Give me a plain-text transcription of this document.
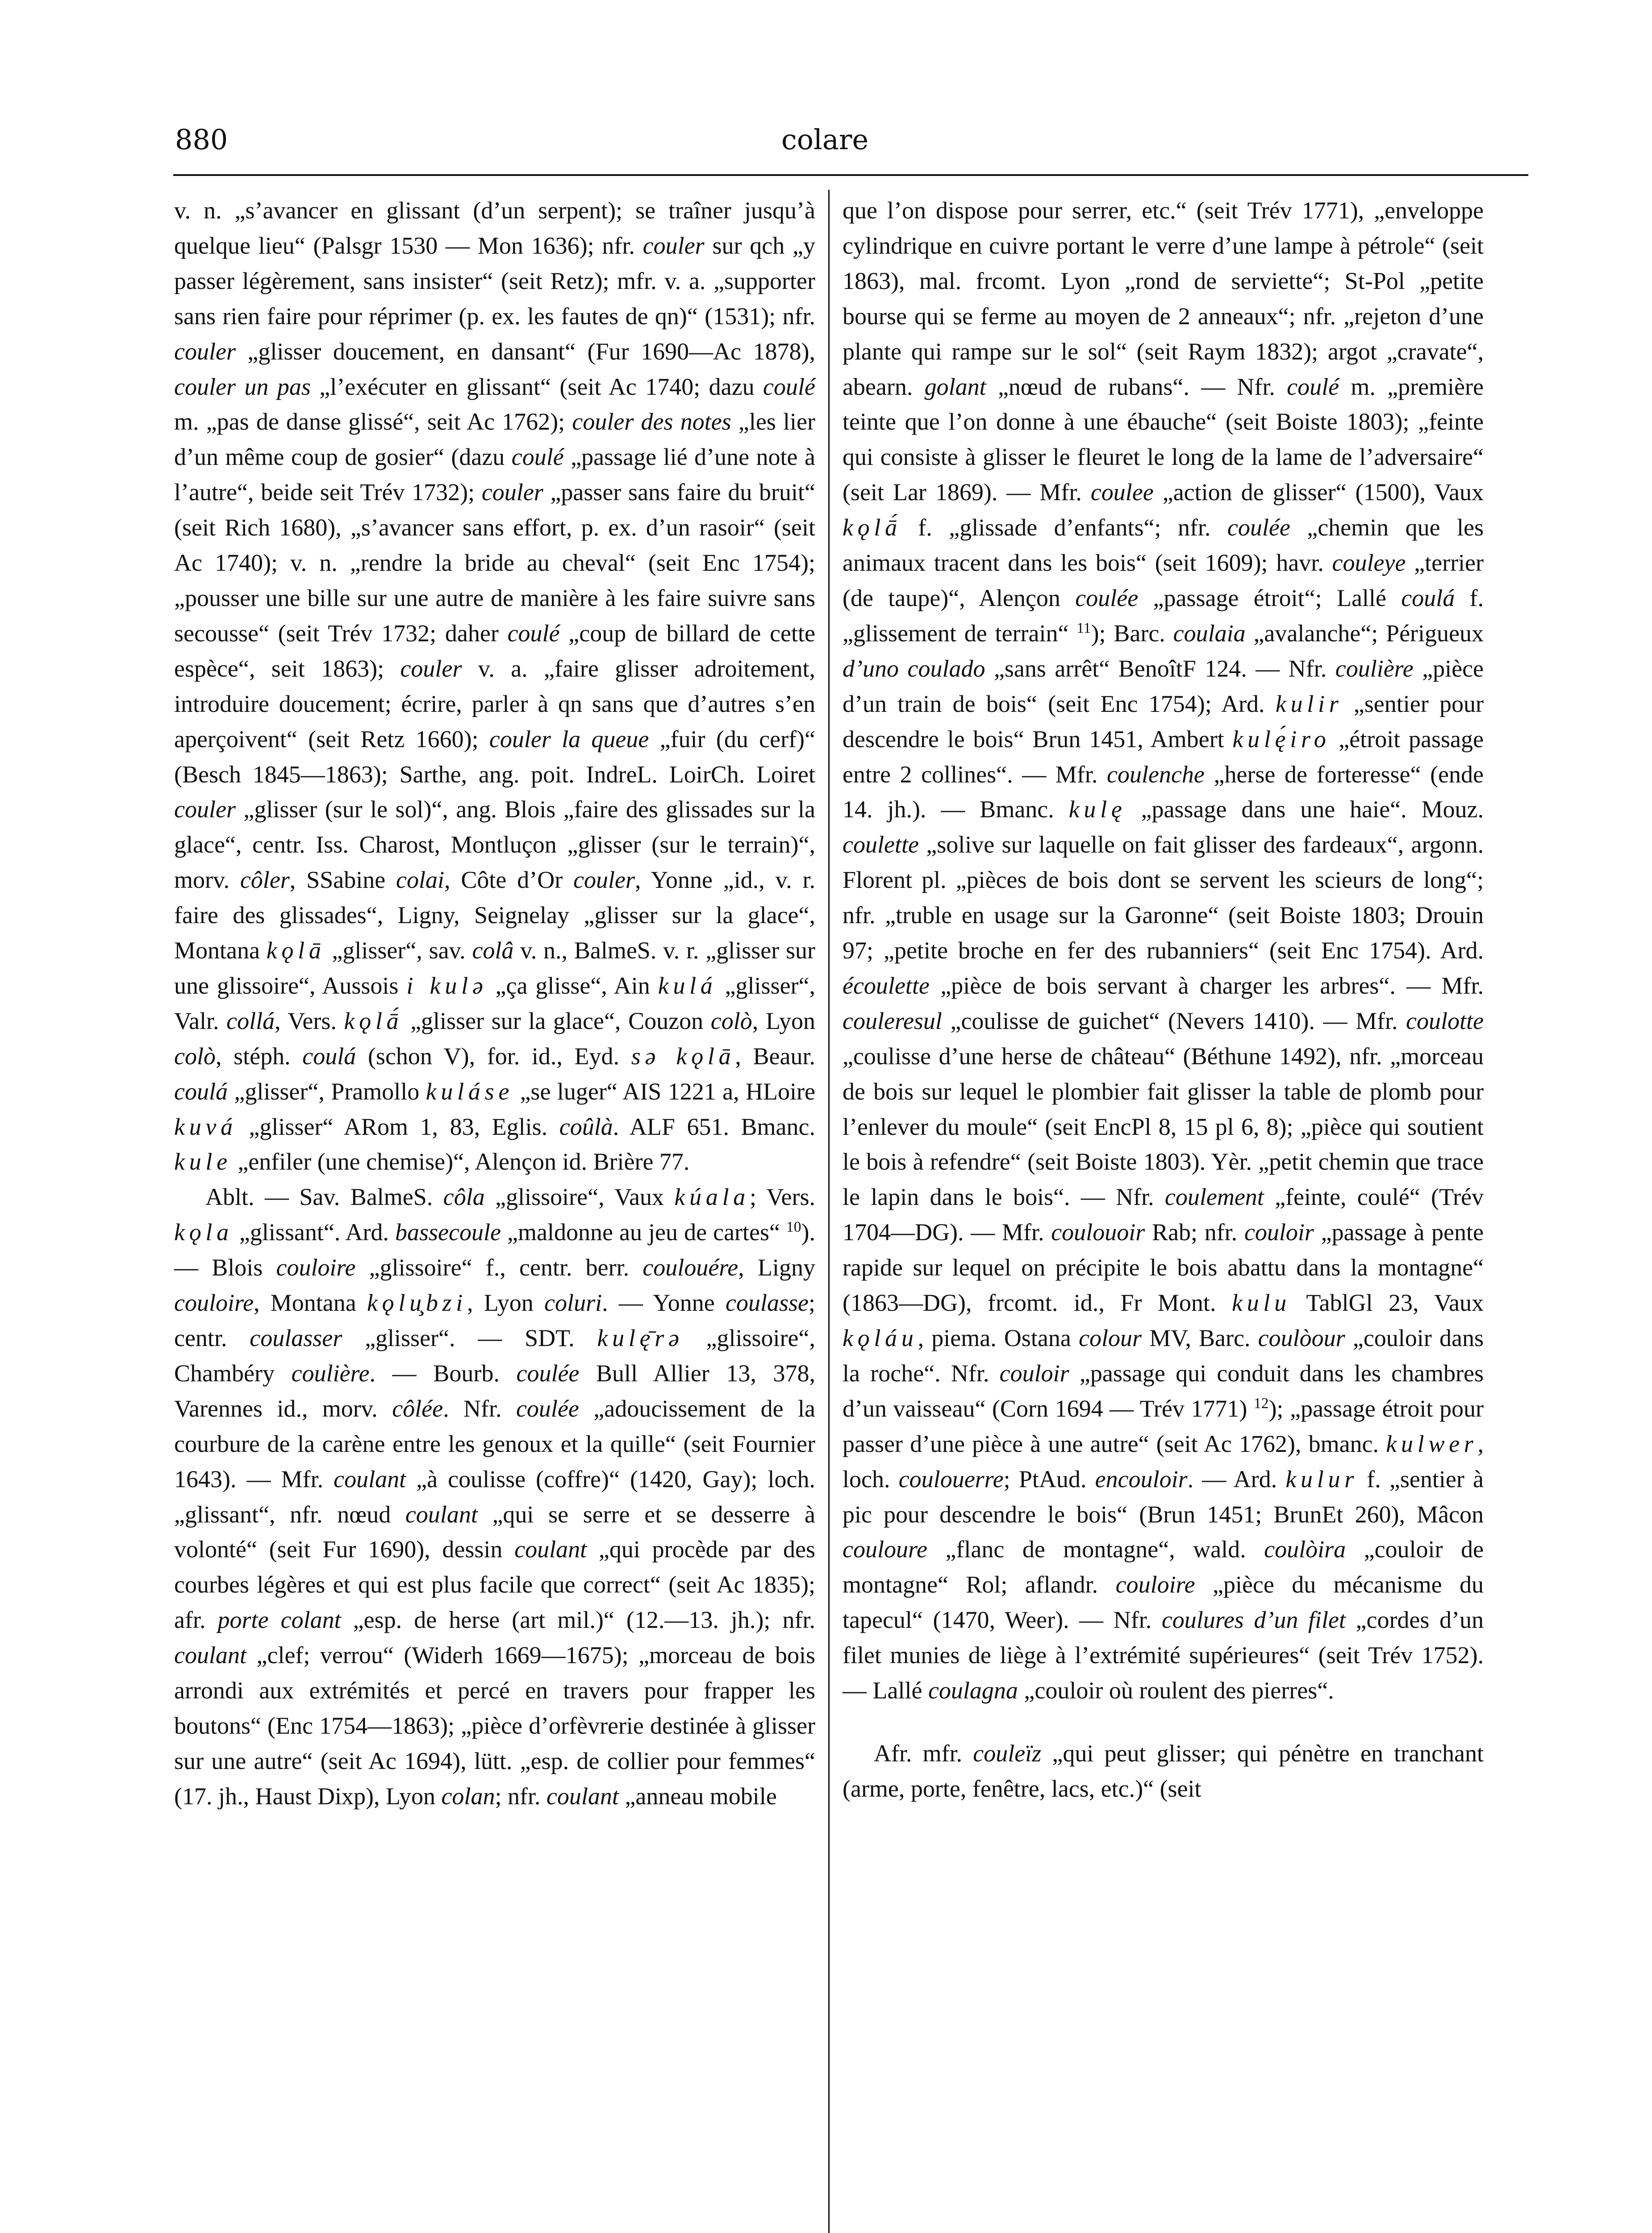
880	colare

v. n. „s’avancer en glissant (d’un serpent); se traîner jusqu’à quelque lieu“ (Palsgr 1530 — Mon 1636); nfr. couler sur qch „y passer légèrement, sans insister“ (seit Retz); mfr. v. a. „supporter sans rien faire pour réprimer (p. ex. les fautes de qn)“ (1531); nfr. couler „glisser doucement, en dansant“ (Fur 1690—Ac 1878), couler un pas „l’exécuter en glissant“ (seit Ac 1740; dazu coulé m. „pas de danse glissé“, seit Ac 1762); couler des notes „les lier d’un même coup de gosier“ (dazu coulé „passage lié d’une note à l’autre“, beide seit Trév 1732); couler „passer sans faire du bruit“ (seit Rich 1680), „s’avancer sans effort, p. ex. d’un rasoir“ (seit Ac 1740); v. n. „rendre la bride au cheval“ (seit Enc 1754); „pousser une bille sur une autre de manière à les faire suivre sans secousse“ (seit Trév 1732; daher coulé „coup de billard de cette espèce“, seit 1863); couler v. a. „faire glisser adroitement, introduire doucement; écrire, parler à qn sans que d’autres s’en aperçoivent“ (seit Retz 1660); couler la queue „fuir (du cerf)“ (Besch 1845—1863); Sarthe, ang. poit. IndreL. LoirCh. Loiret couler „glisser (sur le sol)“, ang. Blois „faire des glissades sur la glace“, centr. Iss. Charost, Montluçon „glisser (sur le terrain)“, morv. côler, SSabine colai, Côte d’Or couler, Yonne „id., v. r. faire des glissades“, Ligny, Seignelay „glisser sur la glace“, Montana kǫlā „glisser“, sav. colâ v. n., BalmeS. v. r. „glisser sur une glissoire“, Aussois i kulə „ça glisse“, Ain kulá „glisser“, Valr. collá, Vers. kǫlā́ „glisser sur la glace“, Couzon colò, Lyon colò, stéph. coulá (schon V), for. id., Eyd. sə kǫlā, Beaur. coulá „glisser“, Pramollo kuláse „se luger“ AIS 1221 a, HLoire kuvá „glisser“ ARom 1, 83, Eglis. coûlà. ALF 651. Bmanc. kule „enfiler (une chemise)“, Alençon id. Brière 77.

Ablt. — Sav. BalmeS. côla „glissoire“, Vaux kúala; Vers. kǫla „glissant“. Ard. bassecoule „maldonne au jeu de cartes“ $^{10}$). — Blois couloire „glissoire“ f., centr. berr. coulouére, Ligny couloire, Montana kǫlu̧bzi, Lyon coluri. — Yonne coulasse; centr. coulasser „glisser“. — SDT. kulę̄rə „glissoire“, Chambéry coulière. — Bourb. coulée Bull Allier 13, 378, Varennes id., morv. côlée. Nfr. coulée „adoucissement de la courbure de la carène entre les genoux et la quille“ (seit Fournier 1643). — Mfr. coulant „à coulisse (coffre)“ (1420, Gay); loch. „glissant“, nfr. nœud coulant „qui se serre et se desserre à volonté“ (seit Fur 1690), dessin coulant „qui procède par des courbes légères et qui est plus facile que correct“ (seit Ac 1835); afr. porte colant „esp. de herse (art mil.)“ (12.—13. jh.); nfr. coulant „clef; verrou“ (Widerh 1669—1675); „morceau de bois arrondi aux extrémités et percé en travers pour frapper les boutons“ (Enc 1754—1863); „pièce d’orfèvrerie destinée à glisser sur une autre“ (seit Ac 1694), lütt. „esp. de collier pour femmes“ (17. jh., Haust Dixp), Lyon colan; nfr. coulant „anneau mobile

que l’on dispose pour serrer, etc.“ (seit Trév 1771), „enveloppe cylindrique en cuivre portant le verre d’une lampe à pétrole“ (seit 1863), mal. frcomt. Lyon „rond de serviette“; St-Pol „petite bourse qui se ferme au moyen de 2 anneaux“; nfr. „rejeton d’une plante qui rampe sur le sol“ (seit Raym 1832); argot „cravate“, abearn. golant „nœud de rubans“. — Nfr. coulé m. „première teinte que l’on donne à une ébauche“ (seit Boiste 1803); „feinte qui consiste à glisser le fleuret le long de la lame de l’adversaire“ (seit Lar 1869). — Mfr. coulee „action de glisser“ (1500), Vaux kǫlā́ f. „glissade d’enfants“; nfr. coulée „chemin que les animaux tracent dans les bois“ (seit 1609); havr. couleye „terrier (de taupe)“, Alençon coulée „passage étroit“; Lallé coulá f. „glissement de terrain“ $^{11}$); Barc. coulaia „avalanche“; Périgueux d’uno coulado „sans arrêt“ BenoîtF 124. — Nfr. coulière „pièce d’un train de bois“ (seit Enc 1754); Ard. kulir „sentier pour descendre le bois“ Brun 1451, Ambert kulę́iro „étroit passage entre 2 collines“. — Mfr. coulenche „herse de forteresse“ (ende 14. jh.). — Bmanc. kulę „passage dans une haie“. Mouz. coulette „solive sur laquelle on fait glisser des fardeaux“, argonn. Florent pl. „pièces de bois dont se servent les scieurs de long“; nfr. „truble en usage sur la Garonne“ (seit Boiste 1803; Drouin 97; „petite broche en fer des rubanniers“ (seit Enc 1754). Ard. écoulette „pièce de bois servant à charger les arbres“. — Mfr. couleresul „coulisse de guichet“ (Nevers 1410). — Mfr. coulotte „coulisse d’une herse de château“ (Béthune 1492), nfr. „morceau de bois sur lequel le plombier fait glisser la table de plomb pour l’enlever du moule“ (seit EncPl 8, 15 pl 6, 8); „pièce qui soutient le bois à refendre“ (seit Boiste 1803). Yèr. „petit chemin que trace le lapin dans le bois“. — Nfr. coulement „feinte, coulé“ (Trév 1704—DG). — Mfr. coulouoir Rab; nfr. couloir „passage à pente rapide sur lequel on précipite le bois abattu dans la montagne“ (1863—DG), frcomt. id., Fr Mont. kulu TablGl 23, Vaux kǫláu, piema. Ostana colour MV, Barc. coulòour „couloir dans la roche“. Nfr. couloir „passage qui conduit dans les chambres d’un vaisseau“ (Corn 1694 — Trév 1771) $^{12}$); „passage étroit pour passer d’une pièce à une autre“ (seit Ac 1762), bmanc. kulwer, loch. coulouerre; PtAud. encouloir. — Ard. kulur f. „sentier à pic pour descendre le bois“ (Brun 1451; BrunEt 260), Mâcon couloure „flanc de montagne“, wald. coulòira „couloir de montagne“ Rol; aflandr. couloire „pièce du mécanisme du tapecul“ (1470, Weer). — Nfr. coulures d’un filet „cordes d’un filet munies de liège à l’extrémité supérieures“ (seit Trév 1752). — Lallé coulagna „couloir où roulent des pierres“.

Afr. mfr. couleïz „qui peut glisser; qui pénètre en tranchant (arme, porte, fenêtre, lacs, etc.)“ (seit
